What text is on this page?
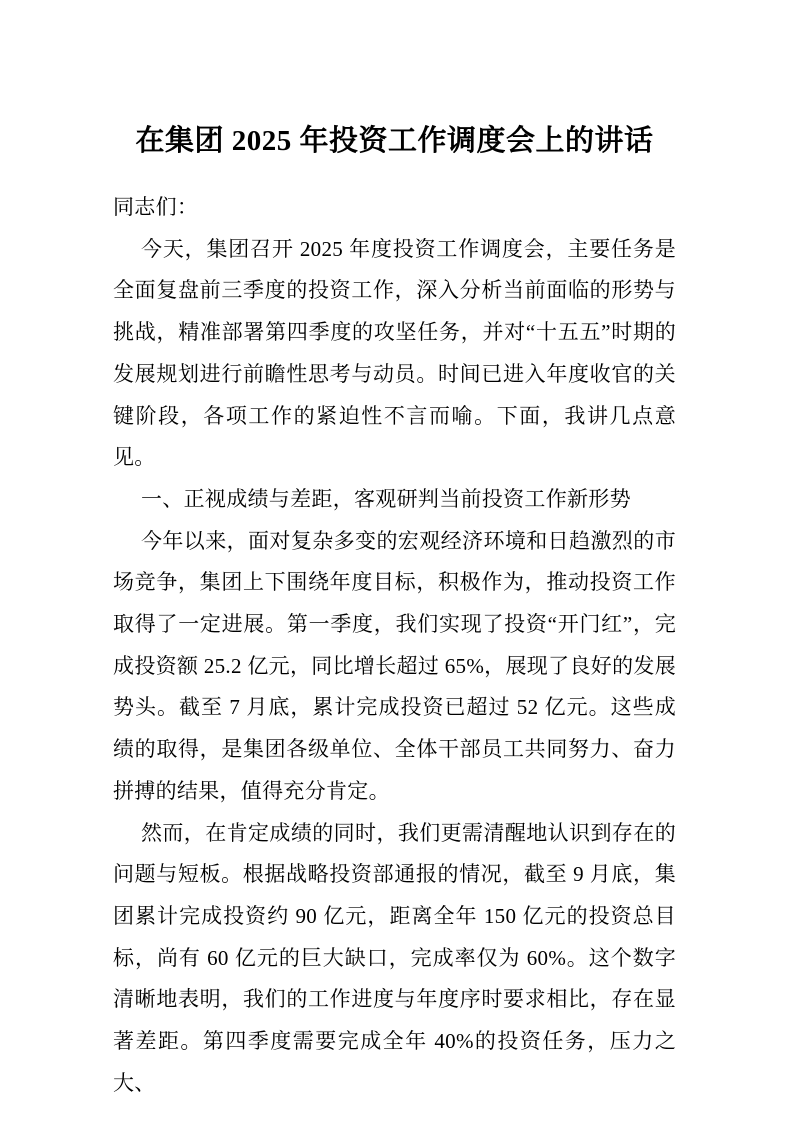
在集团 2025 年投资工作调度会上的讲话

同志们：

今天，集团召开 2025 年度投资工作调度会，主要任务是全面复盘前三季度的投资工作，深入分析当前面临的形势与挑战，精准部署第四季度的攻坚任务，并对“十五五”时期的发展规划进行前瞻性思考与动员。时间已进入年度收官的关键阶段，各项工作的紧迫性不言而喻。下面，我讲几点意见。

一、正视成绩与差距，客观研判当前投资工作新形势

今年以来，面对复杂多变的宏观经济环境和日趋激烈的市场竞争，集团上下围绕年度目标，积极作为，推动投资工作取得了一定进展。第一季度，我们实现了投资“开门红”，完成投资额 25.2 亿元，同比增长超过 65%，展现了良好的发展势头。截至 7 月底，累计完成投资已超过 52 亿元。这些成绩的取得，是集团各级单位、全体干部员工共同努力、奋力拼搏的结果，值得充分肯定。

然而，在肯定成绩的同时，我们更需清醒地认识到存在的问题与短板。根据战略投资部通报的情况，截至 9 月底，集团累计完成投资约 90 亿元，距离全年 150 亿元的投资总目标，尚有 60 亿元的巨大缺口，完成率仅为 60%。这个数字清晰地表明，我们的工作进度与年度序时要求相比，存在显著差距。第四季度需要完成全年 40%的投资任务，压力之大、
